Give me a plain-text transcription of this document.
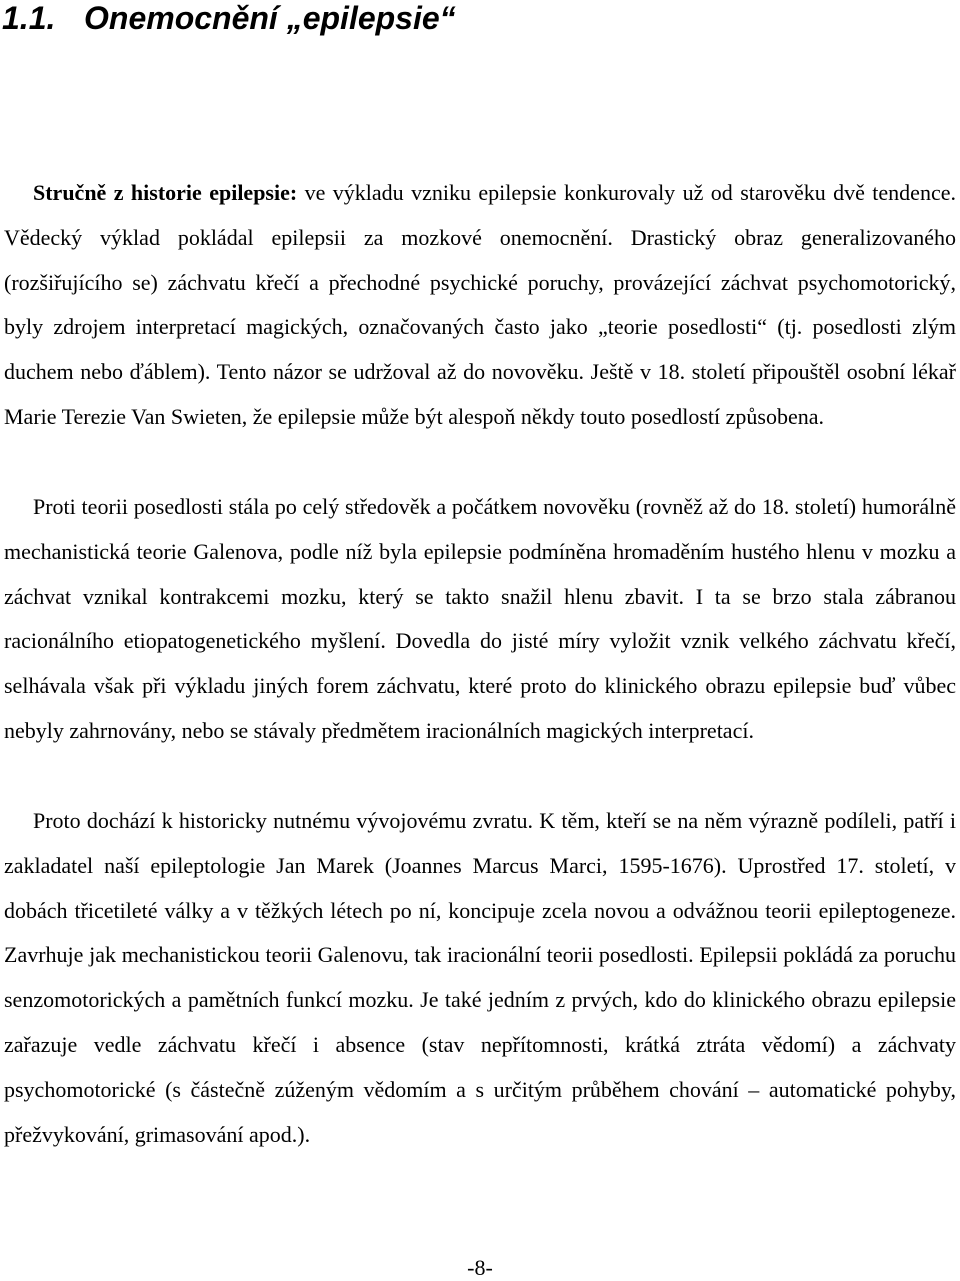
1.1. Onemocnění „epilepsie“

Stručně z historie epilepsie: ve výkladu vzniku epilepsie konkurovaly už od starověku dvě tendence. Vědecký výklad pokládal epilepsii za mozkové onemocnění. Drastický obraz generalizovaného (rozšiřujícího se) záchvatu křečí a přechodné psychické poruchy, provázející záchvat psychomotorický, byly zdrojem interpretací magických, označovaných často jako „teorie posedlosti“ (tj. posedlosti zlým duchem nebo ďáblem). Tento názor se udržoval až do novověku. Ještě v 18. století připouštěl osobní lékař Marie Terezie Van Swieten, že epilepsie může být alespoň někdy touto posedlostí způsobena.

Proti teorii posedlosti stála po celý středověk a počátkem novověku (rovněž až do 18. století) humorálně mechanistická teorie Galenova, podle níž byla epilepsie podmíněna hromaděním hustého hlenu v mozku a záchvat vznikal kontrakcemi mozku, který se takto snažil hlenu zbavit. I ta se brzo stala zábranou racionálního etiopatogenetického myšlení. Dovedla do jisté míry vyložit vznik velkého záchvatu křečí, selhávala však při výkladu jiných forem záchvatu, které proto do klinického obrazu epilepsie buď vůbec nebyly zahrnovány, nebo se stávaly předmětem iracionálních magických interpretací.

Proto dochází k historicky nutnému vývojovému zvratu. K těm, kteří se na něm výrazně podíleli, patří i zakladatel naší epileptologie Jan Marek (Joannes Marcus Marci, 1595-1676). Uprostřed 17. století, v dobách třicetileté války a v těžkých létech po ní, koncipuje zcela novou a odvážnou teorii epileptogeneze. Zavrhuje jak mechanistickou teorii Galenovu, tak iracionální teorii posedlosti. Epilepsii pokládá za poruchu senzomotorických a pamětních funkcí mozku. Je také jedním z prvých, kdo do klinického obrazu epilepsie zařazuje vedle záchvatu křečí i absence (stav nepřítomnosti, krátká ztráta vědomí) a záchvaty psychomotorické (s částečně zúženým vědomím a s určitým průběhem chování – automatické pohyby, přežvykování, grimasování apod.).

-8-
